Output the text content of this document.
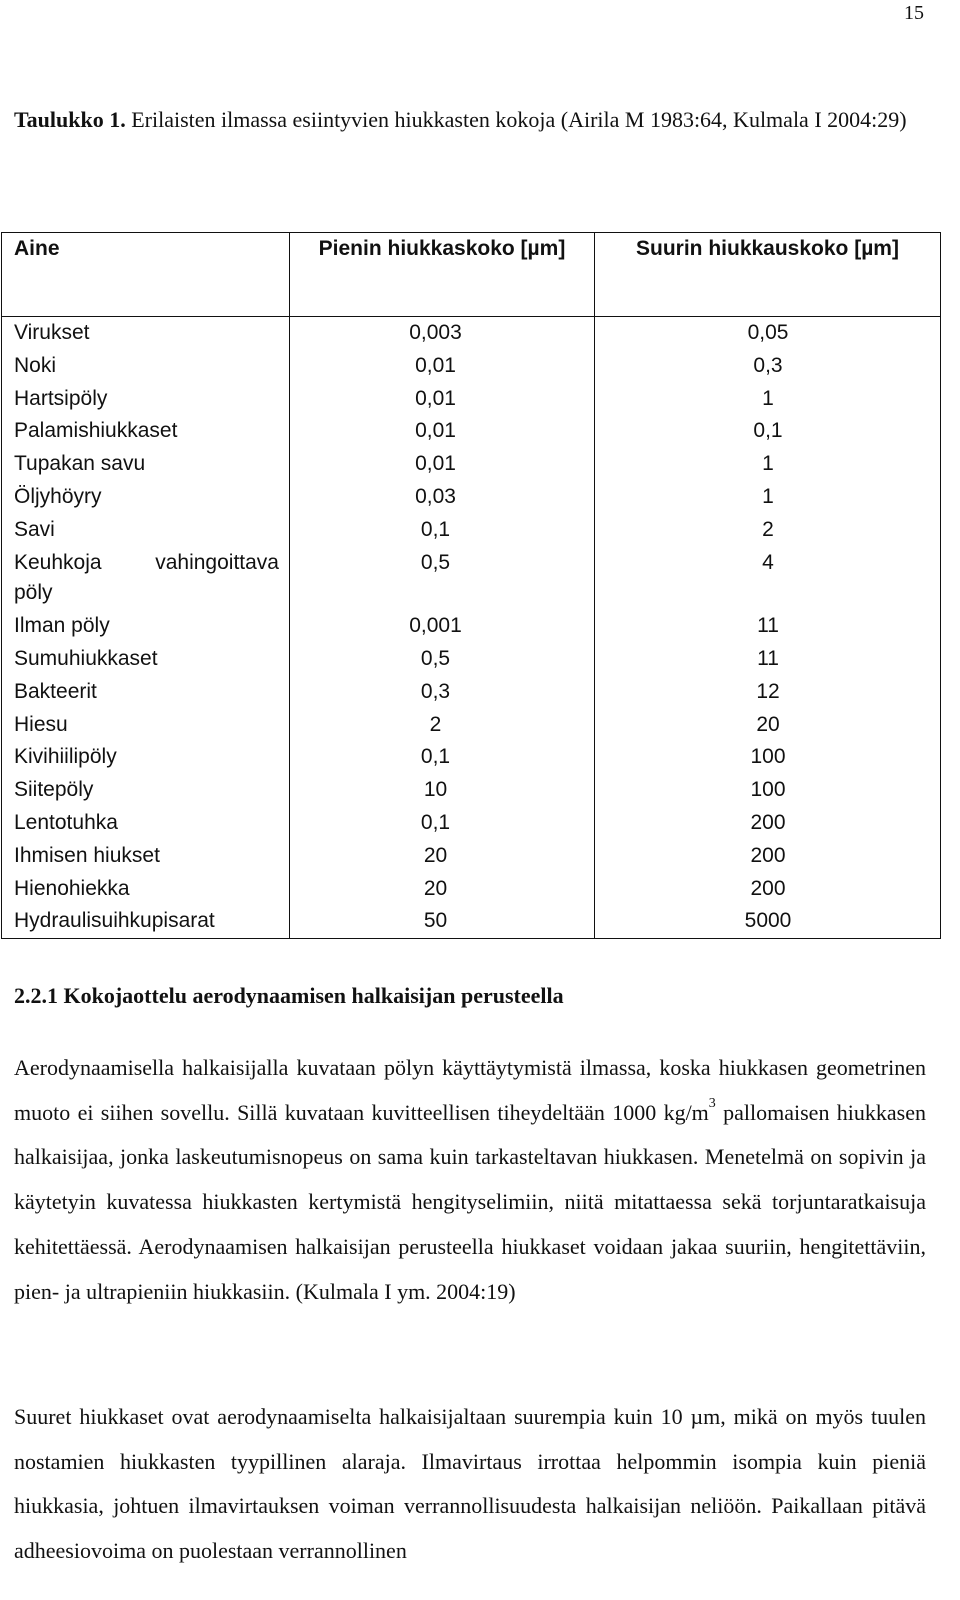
15
Taulukko 1. Erilaisten ilmassa esiintyvien hiukkasten kokoja (Airila M 1983:64, Kulmala I 2004:29)
Aine	Pienin hiukkaskoko [µm]	Suurin hiukkauskoko [µm]
Virukset	0,003	0,05
Noki	0,01	0,3
Hartsipöly	0,01	1
Palamishiukkaset	0,01	0,1
Tupakan savu	0,01	1
Öljyhöyry	0,03	1
Savi	0,1	2

Keuhkoja vahingoittava
pöly	0,5	4
Ilman pöly	0,001	11
Sumuhiukkaset	0,5	11
Bakteerit	0,3	12
Hiesu	2	20
Kivihiilipöly	0,1	100
Siitepöly	10	100
Lentotuhka	0,1	200
Ihmisen hiukset	20	200
Hienohiekka	20	200
Hydraulisuihkupisarat	50	5000
2.2.1 Kokojaottelu aerodynaamisen halkaisijan perusteella

Aerodynaamisella halkaisijalla kuvataan pölyn käyttäytymistä ilmassa, koska hiukkasen geometrinen muoto ei siihen sovellu. Sillä kuvataan kuvitteellisen tiheydeltään 1000 $kg/m^3$ pallomaisen hiukkasen halkaisijaa, jonka laskeutumisnopeus on sama kuin tarkasteltavan hiukkasen. Menetelmä on sopivin ja käytetyin kuvatessa hiukkasten kertymistä hengityselimiin, niitä mitattaessa sekä torjuntaratkaisuja kehitettäessä. Aerodynaamisen halkaisijan perusteella hiukkaset voidaan jakaa suuriin, hengitettäviin, pien- ja ultrapieniin hiukkasiin. (Kulmala I ym. 2004:19)

Suuret hiukkaset ovat aerodynaamiselta halkaisijaltaan suurempia kuin 10 µm, mikä on myös tuulen nostamien hiukkasten tyypillinen alaraja. Ilmavirtaus irrottaa helpommin isompia kuin pieniä hiukkasia, johtuen ilmavirtauksen voiman verrannollisuudesta halkaisijan neliöön. Paikallaan pitävä adheesiovoima on puolestaan verrannollinen
